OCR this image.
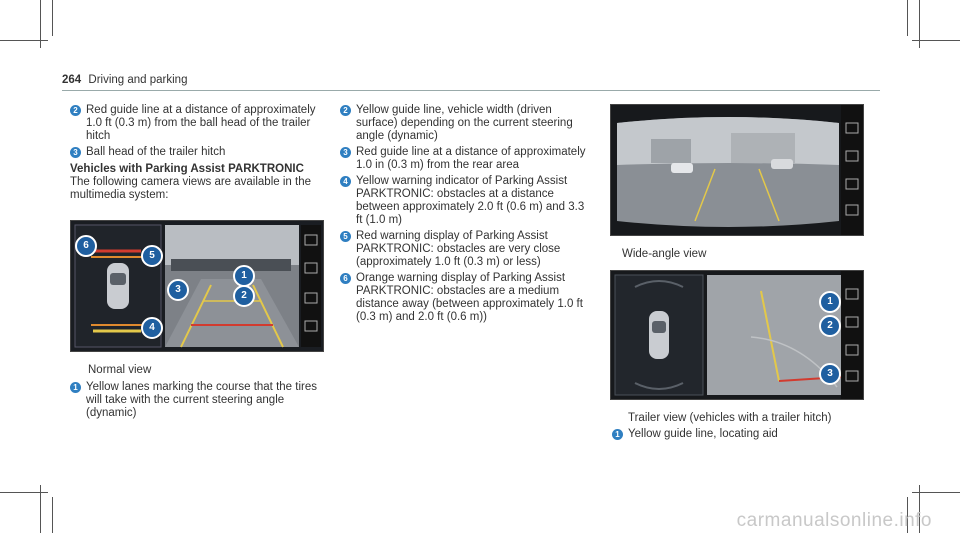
264 Driving and parking
2 Red guide line at a distance of approximately 1.0 ft (0.3 m) from the ball head of the trailer hitch
3 Ball head of the trailer hitch
Vehicles with Parking Assist PARKTRONIC
The following camera views are available in the multimedia system:
6
5
1
3
2
4
Normal view
1 Yellow lanes marking the course that the tires will take with the current steering angle (dynamic)
2 Yellow guide line, vehicle width (driven surface) depending on the current steering angle (dynamic)
3 Red guide line at a distance of approximately 1.0 in (0.3 m) from the rear area
4 Yellow warning indicator of Parking Assist PARKTRONIC: obstacles at a distance between approximately 2.0 ft (0.6 m) and 3.3 ft (1.0 m)
5 Red warning display of Parking Assist PARKTRONIC: obstacles are very close (approximately 1.0 ft (0.3 m) or less)
6 Orange warning display of Parking Assist PARKTRONIC: obstacles are a medium distance away (between approximately 1.0 ft (0.3 m) and 2.0 ft (0.6 m))
Wide-angle view
1
2
3
Trailer view (vehicles with a trailer hitch)
1 Yellow guide line, locating aid
carmanualsonline.info
